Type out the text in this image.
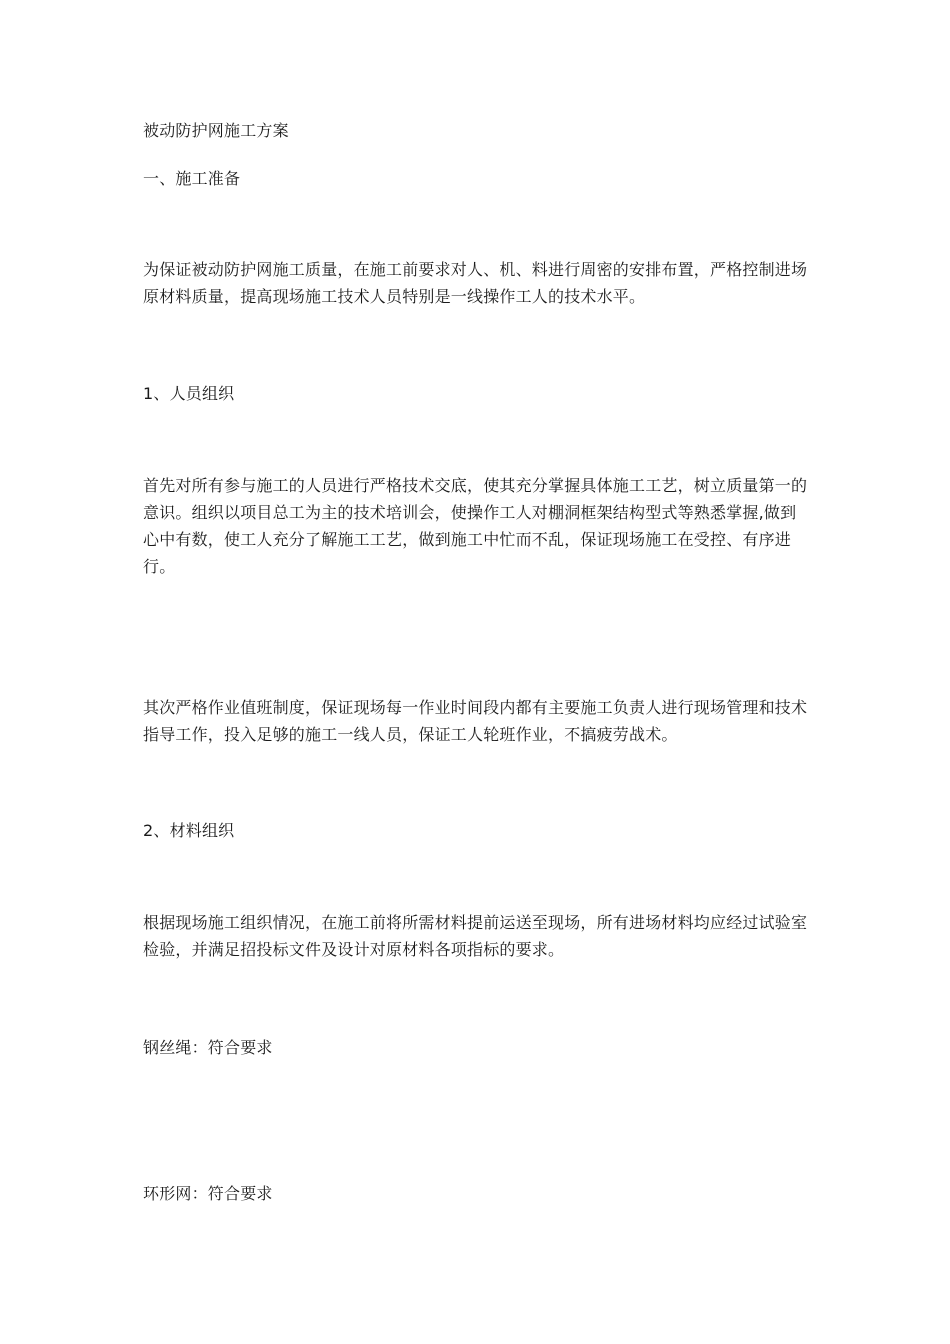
被动防护网施工方案
一、施工准备
为保证被动防护网施工质量，在施工前要求对人、机、料进行周密的安排布置，严格控制进场原材料质量，提高现场施工技术人员特别是一线操作工人的技术水平。
1、人员组织
首先对所有参与施工的人员进行严格技术交底，使其充分掌握具体施工工艺，树立质量第一的意识。组织以项目总工为主的技术培训会，使操作工人对棚洞框架结构型式等熟悉掌握,做到心中有数，使工人充分了解施工工艺，做到施工中忙而不乱，保证现场施工在受控、有序进行。
其次严格作业值班制度，保证现场每一作业时间段内都有主要施工负责人进行现场管理和技术指导工作，投入足够的施工一线人员，保证工人轮班作业，不搞疲劳战术。
2、材料组织
根据现场施工组织情况，在施工前将所需材料提前运送至现场，所有进场材料均应经过试验室检验，并满足招投标文件及设计对原材料各项指标的要求。
钢丝绳：符合要求
环形网：符合要求
